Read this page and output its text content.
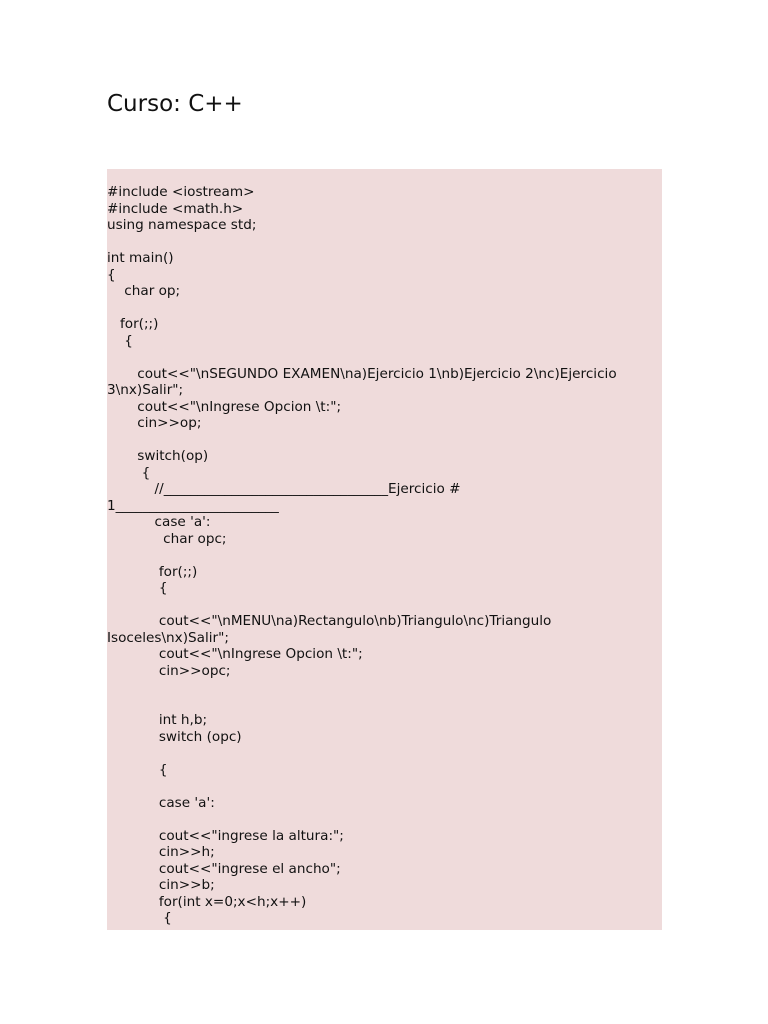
Curso: C++
#include <iostream>
#include <math.h>
using namespace std;
int main()
{
char op;
for(;;)
{
cout<<"\nSEGUNDO EXAMEN\na)Ejercicio 1\nb)Ejercicio 2\nc)Ejercicio
3\nx)Salir";
cout<<"\nIngrese Opcion \t:";
cin>>op;
switch(op)
{
//_________________________________Ejercicio #
1________________________
case 'a':
char opc;
for(;;)
{
cout<<"\nMENU\na)Rectangulo\nb)Triangulo\nc)Triangulo
Isoceles\nx)Salir";
cout<<"\nIngrese Opcion \t:";
cin>>opc;
int h,b;
switch (opc)
{
case 'a':
cout<<"ingrese la altura:";
cin>>h;
cout<<"ingrese el ancho";
cin>>b;
for(int x=0;x<h;x++)
{
